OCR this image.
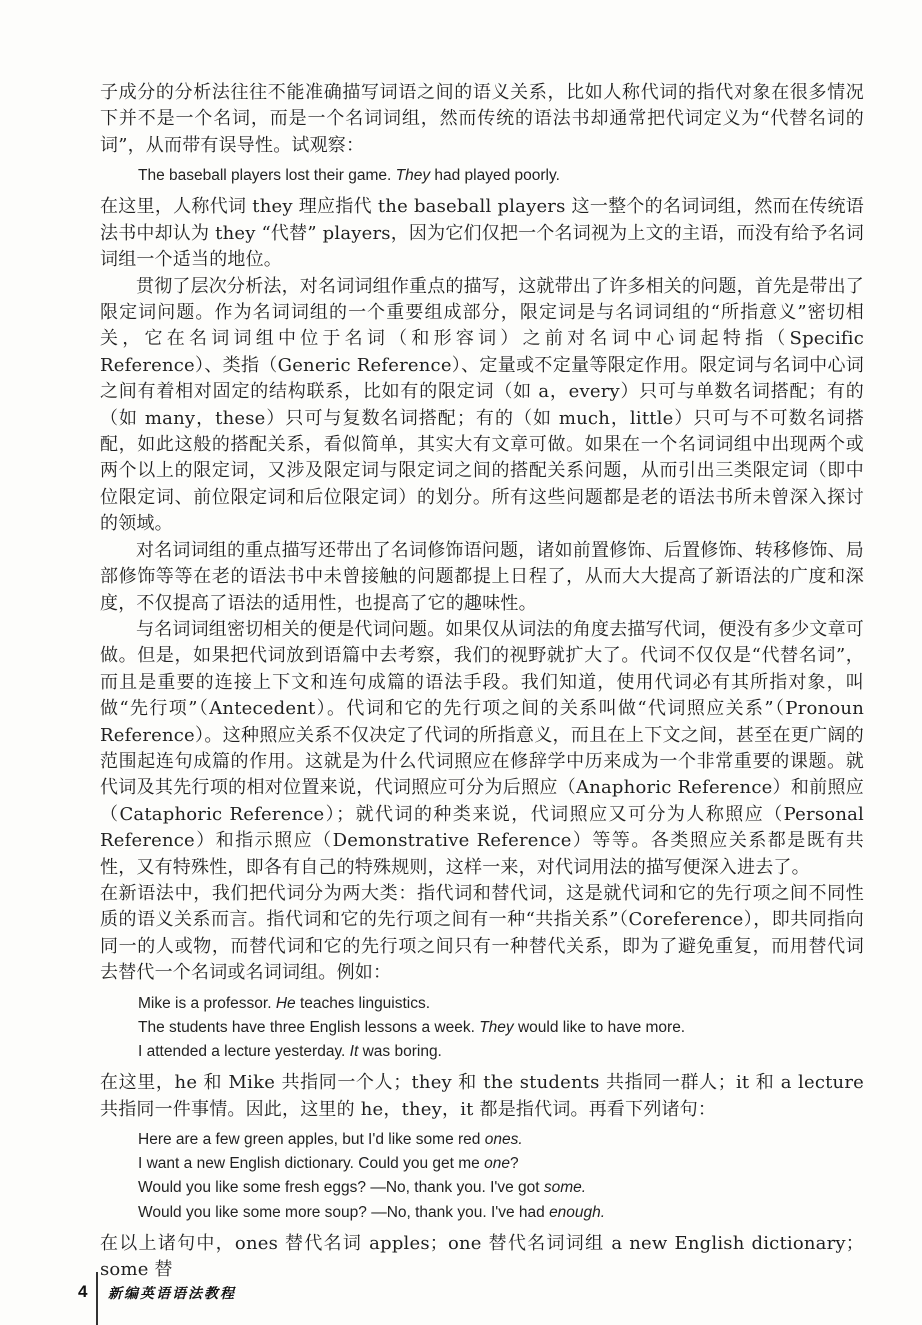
子成分的分析法往往不能准确描写词语之间的语义关系，比如人称代词的指代对象在很多情况下并不是一个名词，而是一个名词词组，然而传统的语法书却通常把代词定义为“代替名词的词”，从而带有误导性。试观察：

The baseball players lost their game. They had played poorly.

在这里，人称代词 they 理应指代 the baseball players 这一整个的名词词组，然而在传统语法书中却认为 they “代替” players，因为它们仅把一个名词视为上文的主语，而没有给予名词词组一个适当的地位。

贯彻了层次分析法，对名词词组作重点的描写，这就带出了许多相关的问题，首先是带出了限定词问题。作为名词词组的一个重要组成部分，限定词是与名词词组的“所指意义”密切相关，它在名词词组中位于名词（和形容词）之前对名词中心词起特指（Specific Reference）、类指（Generic Reference）、定量或不定量等限定作用。限定词与名词中心词之间有着相对固定的结构联系，比如有的限定词（如 a，every）只可与单数名词搭配；有的（如 many，these）只可与复数名词搭配；有的（如 much，little）只可与不可数名词搭配，如此这般的搭配关系，看似简单，其实大有文章可做。如果在一个名词词组中出现两个或两个以上的限定词，又涉及限定词与限定词之间的搭配关系问题，从而引出三类限定词（即中位限定词、前位限定词和后位限定词）的划分。所有这些问题都是老的语法书所未曾深入探讨的领域。

对名词词组的重点描写还带出了名词修饰语问题，诸如前置修饰、后置修饰、转移修饰、局部修饰等等在老的语法书中未曾接触的问题都提上日程了，从而大大提高了新语法的广度和深度，不仅提高了语法的适用性，也提高了它的趣味性。

与名词词组密切相关的便是代词问题。如果仅从词法的角度去描写代词，便没有多少文章可做。但是，如果把代词放到语篇中去考察，我们的视野就扩大了。代词不仅仅是“代替名词”，而且是重要的连接上下文和连句成篇的语法手段。我们知道，使用代词必有其所指对象，叫做“先行项”（Antecedent）。代词和它的先行项之间的关系叫做“代词照应关系”（Pronoun Reference）。这种照应关系不仅决定了代词的所指意义，而且在上下文之间，甚至在更广阔的范围起连句成篇的作用。这就是为什么代词照应在修辞学中历来成为一个非常重要的课题。就代词及其先行项的相对位置来说，代词照应可分为后照应（Anaphoric Reference）和前照应（Cataphoric Reference）；就代词的种类来说，代词照应又可分为人称照应（Personal Reference）和指示照应（Demonstrative Reference）等等。各类照应关系都是既有共性，又有特殊性，即各有自己的特殊规则，这样一来，对代词用法的描写便深入进去了。

在新语法中，我们把代词分为两大类：指代词和替代词，这是就代词和它的先行项之间不同性质的语义关系而言。指代词和它的先行项之间有一种“共指关系”（Coreference），即共同指向同一的人或物，而替代词和它的先行项之间只有一种替代关系，即为了避免重复，而用替代词去替代一个名词或名词词组。例如：

Mike is a professor. He teaches linguistics.
The students have three English lessons a week. They would like to have more.
I attended a lecture yesterday. It was boring.

在这里，he 和 Mike 共指同一个人；they 和 the students 共指同一群人；it 和 a lecture 共指同一件事情。因此，这里的 he，they，it 都是指代词。再看下列诸句：

Here are a few green apples, but I'd like some red ones.
I want a new English dictionary. Could you get me one?
Would you like some fresh eggs? —No, thank you. I've got some.
Would you like some more soup? —No, thank you. I've had enough.

在以上诸句中，ones 替代名词 apples；one 替代名词词组 a new English dictionary；some 替

4 新编英语语法教程
